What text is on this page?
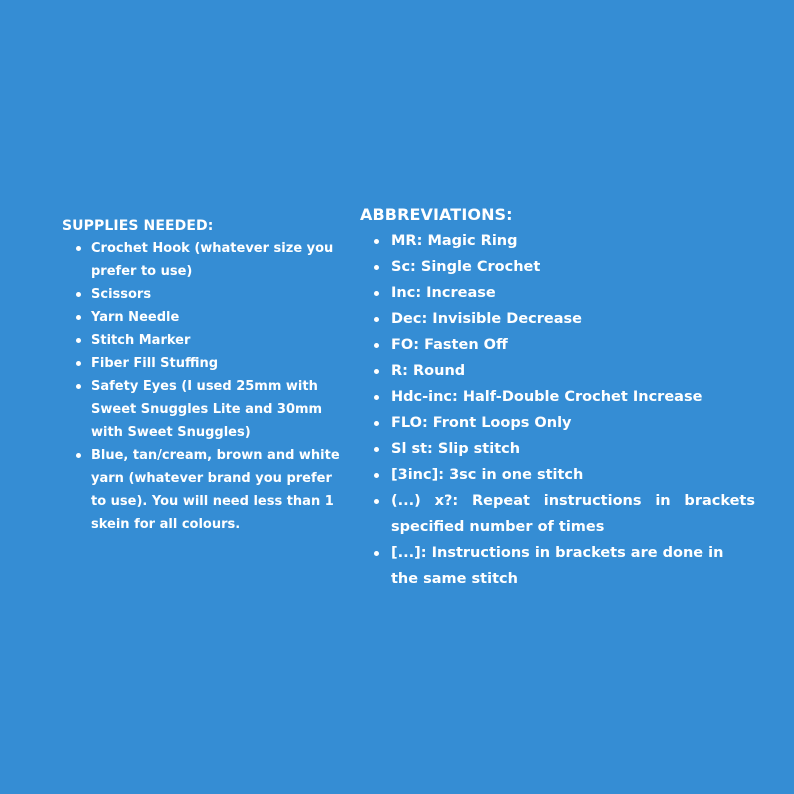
SUPPLIES NEEDED:
Crochet Hook (whatever size you prefer to use)
Scissors
Yarn Needle
Stitch Marker
Fiber Fill Stuffing
Safety Eyes (I used 25mm with Sweet Snuggles Lite and 30mm with Sweet Snuggles)
Blue, tan/cream, brown and white yarn (whatever brand you prefer to use). You will need less than 1 skein for all colours.
ABBREVIATIONS:
MR: Magic Ring
Sc: Single Crochet
Inc: Increase
Dec: Invisible Decrease
FO: Fasten Off
R: Round
Hdc-inc: Half-Double Crochet Increase
FLO: Front Loops Only
Sl st: Slip stitch
[3inc]: 3sc in one stitch
(...) x?: Repeat instructions in brackets specified number of times
[...]: Instructions in brackets are done in the same stitch
